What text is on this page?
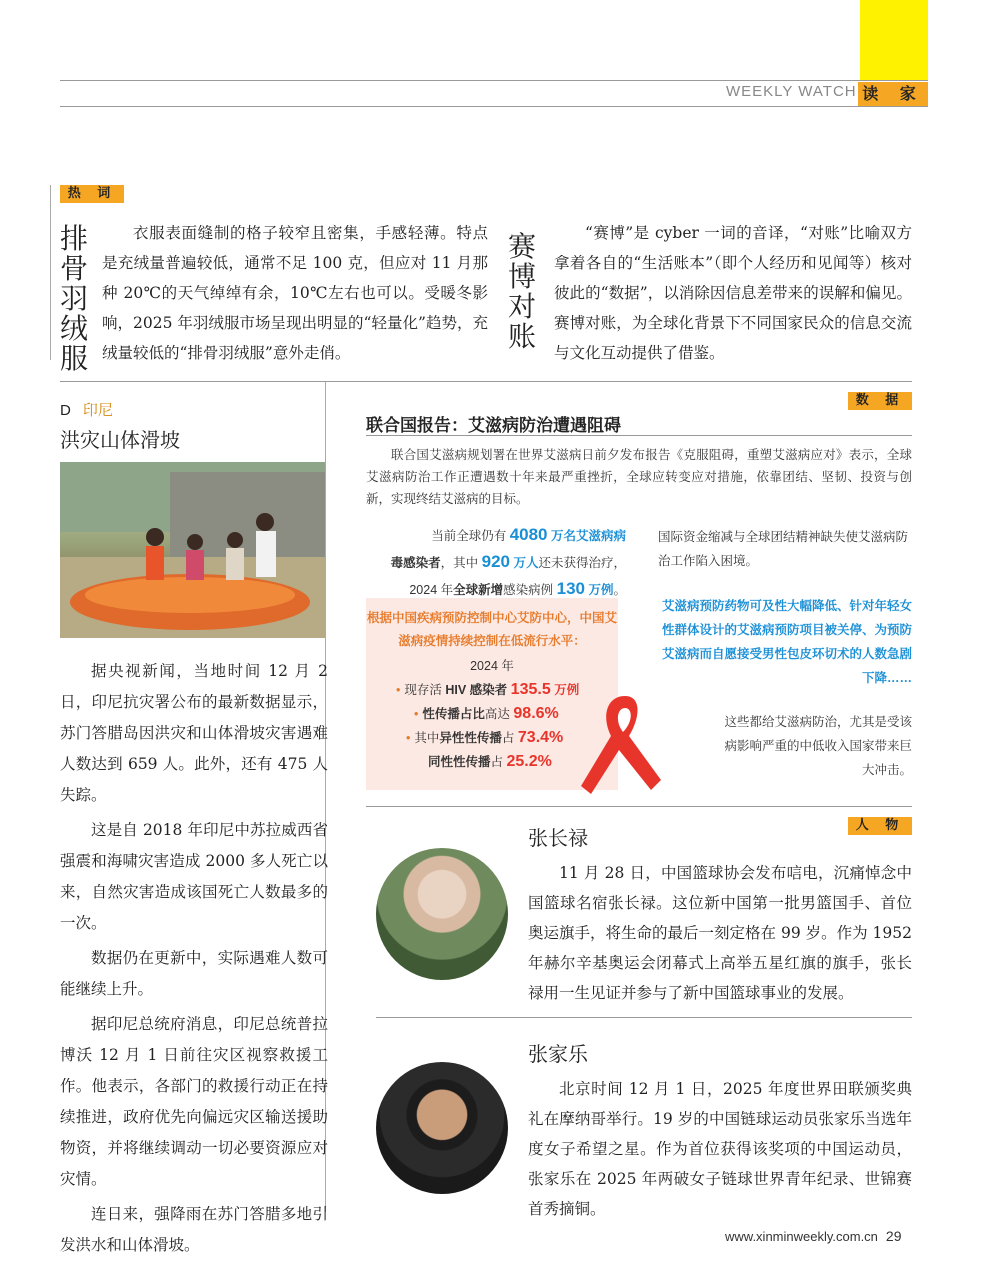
WEEKLY WATCH 读 家
热 词
排骨羽绒服
衣服表面缝制的格子较窄且密集，手感轻薄。特点是充绒量普遍较低，通常不足 100 克，但应对 11 月那种 20℃的天气绰绰有余，10℃左右也可以。受暖冬影响，2025 年羽绒服市场呈现出明显的“轻量化”趋势，充绒量较低的“排骨羽绒服”意外走俏。
赛博对账
“赛博”是 cyber 一词的音译，“对账”比喻双方拿着各自的“生活账本”（即个人经历和见闻等）核对彼此的“数据”，以消除因信息差带来的误解和偏见。赛博对账，为全球化背景下不同国家民众的信息交流与文化互动提供了借鉴。
D 印尼
洪灾山体滑坡

据央视新闻，当地时间 12 月 2 日，印尼抗灾署公布的最新数据显示，苏门答腊岛因洪灾和山体滑坡灾害遇难人数达到 659 人。此外，还有 475 人失踪。

这是自 2018 年印尼中苏拉威西省强震和海啸灾害造成 2000 多人死亡以来，自然灾害造成该国死亡人数最多的一次。

数据仍在更新中，实际遇难人数可能继续上升。

据印尼总统府消息，印尼总统普拉博沃 12 月 1 日前往灾区视察救援工作。他表示，各部门的救援行动正在持续推进，政府优先向偏远灾区输送援助物资，并将继续调动一切必要资源应对灾情。

连日来，强降雨在苏门答腊多地引发洪水和山体滑坡。

数 据
联合国报告：艾滋病防治遭遇阻碍
联合国艾滋病规划署在世界艾滋病日前夕发布报告《克服阻碍，重塑艾滋病应对》表示，全球艾滋病防治工作正遭遇数十年来最严重挫折，全球应转变应对措施，依靠团结、坚韧、投资与创新，实现终结艾滋病的目标。
当前全球仍有 4080 万名艾滋病病
毒感染者，其中 920 万人还未获得治疗，
2024 年全球新增感染病例 130 万例。
国际资金缩减与全球团结精神缺失使艾滋病防治工作陷入困境。
艾滋病预防药物可及性大幅降低、针对年轻女性群体设计的艾滋病预防项目被关停、为预防艾滋病而自愿接受男性包皮环切术的人数急剧下降……
这些都给艾滋病防治，尤其是受该病影响严重的中低收入国家带来巨大冲击。
根据中国疾病预防控制中心艾防中心，中国艾滋病疫情持续控制在低流行水平：
2024 年
• 现存活 HIV 感染者 135.5 万例
• 性传播占比高达 98.6%
• 其中异性性传播占 73.4%
同性性传播占 25.2%
人 物
张长禄
11 月 28 日，中国篮球协会发布唁电，沉痛悼念中国篮球名宿张长禄。这位新中国第一批男篮国手、首位奥运旗手，将生命的最后一刻定格在 99 岁。作为 1952 年赫尔辛基奥运会闭幕式上高举五星红旗的旗手，张长禄用一生见证并参与了新中国篮球事业的发展。
张家乐
北京时间 12 月 1 日，2025 年度世界田联颁奖典礼在摩纳哥举行。19 岁的中国链球运动员张家乐当选年度女子希望之星。作为首位获得该奖项的中国运动员，张家乐在 2025 年两破女子链球世界青年纪录、世锦赛首秀摘铜。
www.xinminweekly.com.cn 29
